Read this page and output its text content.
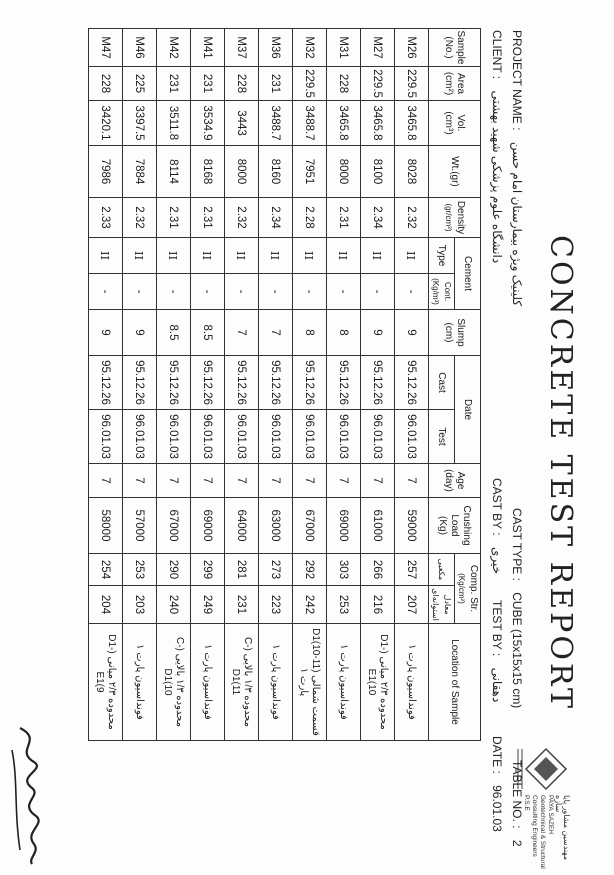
CONCRETE TEST REPORT
مهندسین مشاور پایا سازه
PAYA SAZEH
Geotechnical & Structural
Consulting Engineers
P.S.E
PROJECT NAME : کلینیک ویژه بیمارستان امام حسن
CLIENT : دانشگاه علوم پزشکی شهید بهشتی
CAST TYPE : CUBE (15x15x15 cm)
CAST BY : خیری
TEST BY : دهقانی
TABLE NO. : 2
DATE : 96.01.03
Sample
(No.)	Area
(cm²)	Vol.
(cm³)	Wt.(gr)	Density
(gr/cm³)	Cement		Slump
(cm)	Date		Age
(day)	Crushing
Load
(Kg)	Comp. Str.
(Kg/cm²)		Location of Sample
					Type	Cont.
(Kg/m³)		Cast	Test			مکعبی	معادل استوانه‌ای	
M26	229.5	3465.8	8028	2.32	II	-	9	95.12.26	96.01.03	7	59000	257	207	فونداسیون پارت ۱
M27	229.5	3465.8	8100	2.34	II	-	9	95.12.26	96.01.03	7	61000	266	216	محدوده ۲/۳ میانی (D1-E1(10
M31	228	3465.8	8000	2.31	II	-	8	95.12.26	96.01.03	7	69000	303	253	فونداسیون پارت ۱
M32	229.5	3488.7	7951	2.28	II	-	8	95.12.26	96.01.03	7	67000	292	242	قسمت شمالی (D1(10-11 پارت ۱
M36	231	3488.7	8160	2.34	II	-	7	95.12.26	96.01.03	7	63000	273	223	فونداسیون پارت ۱
M37	228	3443	8000	2.32	II	-	7	95.12.26	96.01.03	7	64000	281	231	محدوده ۱/۳ بالایی (C-D1(11
M41	231	3534.9	8168	2.31	II	-	8.5	95.12.26	96.01.03	7	69000	299	249	فونداسیون پارت ۱
M42	231	3511.8	8114	2.31	II	-	8.5	95.12.26	96.01.03	7	67000	290	240	محدوده ۱/۳ بالایی (C-D1(10
M46	225	3397.5	7884	2.32	II	-	9	95.12.26	96.01.03	7	57000	253	203	فونداسیون پارت ۱
M47	228	3420.1	7986	2.33	II	-	9	95.12.26	96.01.03	7	58000	254	204	محدوده ۲/۳ میانی (D1-E1(9
